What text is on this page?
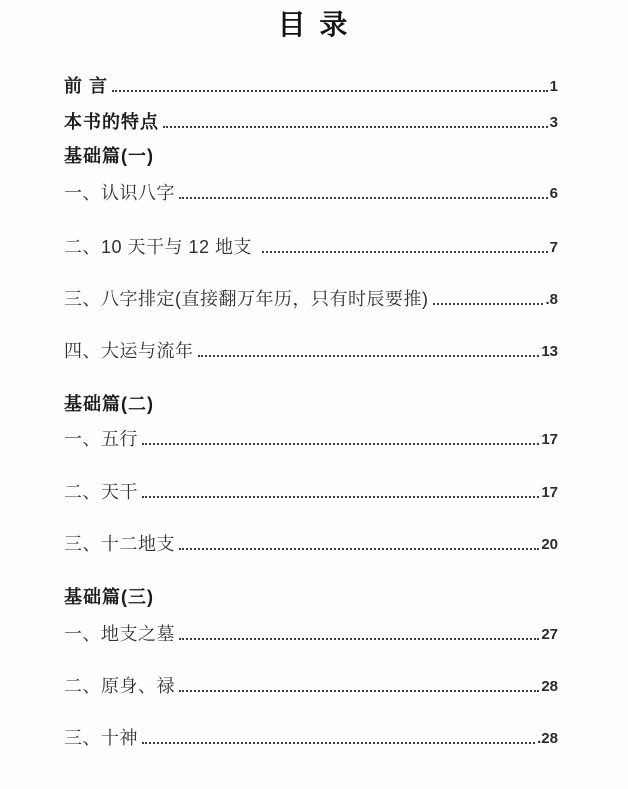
目 录
前 言	1
本书的特点	3
基础篇(一)
一、认识八字	6
二、10 天干与 12 地支	7
三、八字排定(直接翻万年历，只有时辰要推)	.8
四、大运与流年	13
基础篇(二)
一、五行	17
二、天干	17
三、十二地支	20
基础篇(三)
一、地支之墓	27
二、原身、禄	28
三、十神	.28
